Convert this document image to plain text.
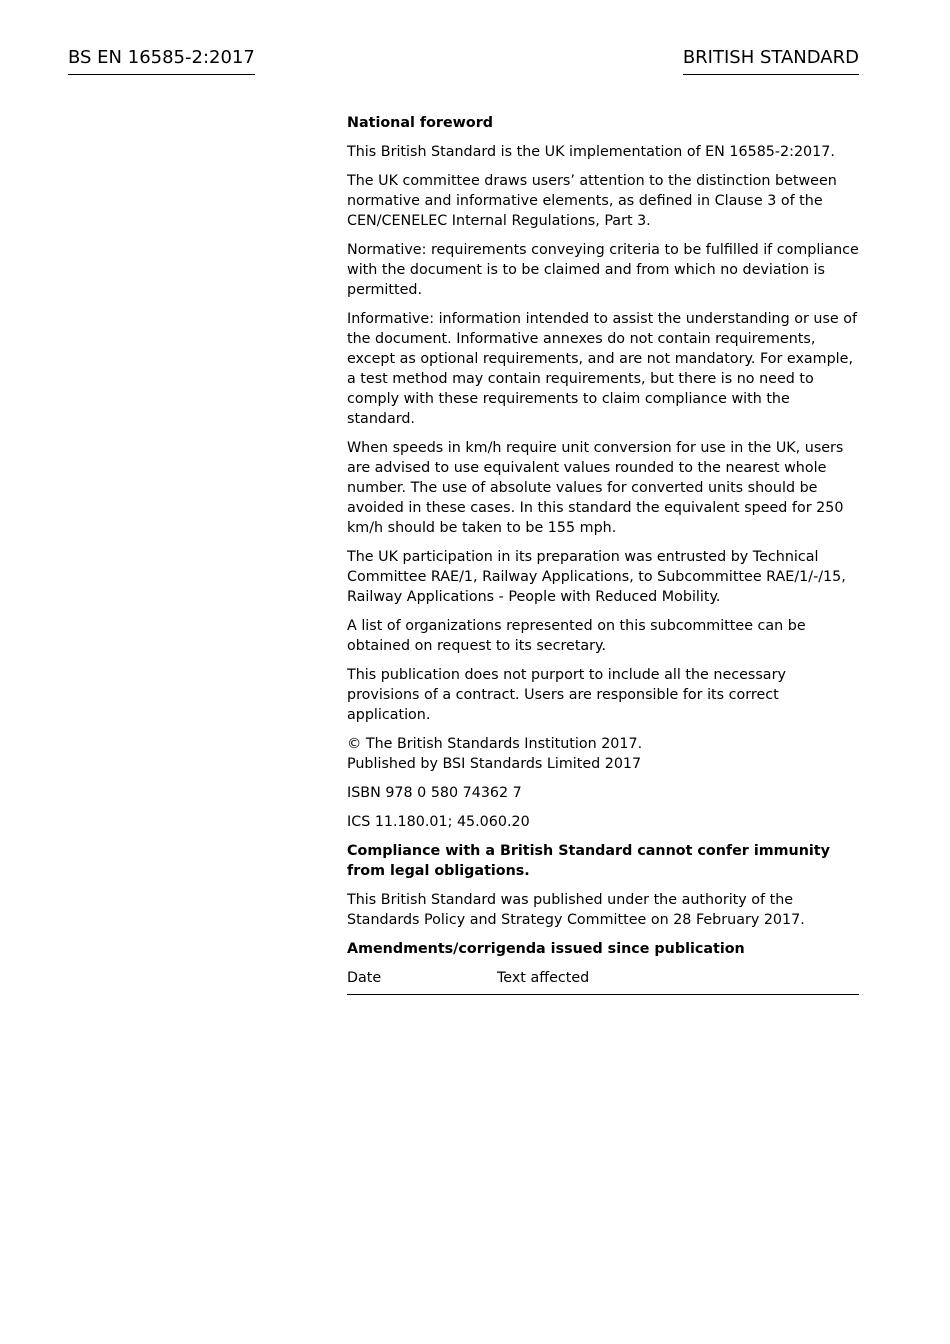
BS EN 16585-2:2017	BRITISH STANDARD
National foreword

This British Standard is the UK implementation of EN 16585-2:2017.

The UK committee draws users’ attention to the distinction between normative and informative elements, as defined in Clause 3 of the CEN/CENELEC Internal Regulations, Part 3.

Normative: requirements conveying criteria to be fulfilled if compliance with the document is to be claimed and from which no deviation is permitted.

Informative: information intended to assist the understanding or use of the document. Informative annexes do not contain requirements, except as optional requirements, and are not mandatory. For example, a test method may contain requirements, but there is no need to comply with these requirements to claim compliance with the standard.

When speeds in km/h require unit conversion for use in the UK, users are advised to use equivalent values rounded to the nearest whole number. The use of absolute values for converted units should be avoided in these cases. In this standard the equivalent speed for 250 km/h should be taken to be 155 mph.

The UK participation in its preparation was entrusted by Technical Committee RAE/1, Railway Applications, to Subcommittee RAE/1/-/15, Railway Applications - People with Reduced Mobility.

A list of organizations represented on this subcommittee can be obtained on request to its secretary.

This publication does not purport to include all the necessary provisions of a contract. Users are responsible for its correct application.

© The British Standards Institution 2017.
Published by BSI Standards Limited 2017

ISBN 978 0 580 74362 7

ICS 11.180.01; 45.060.20

Compliance with a British Standard cannot confer immunity from legal obligations.

This British Standard was published under the authority of the Standards Policy and Strategy Committee on 28 February 2017.

Amendments/corrigenda issued since publication
Date	Text affected
